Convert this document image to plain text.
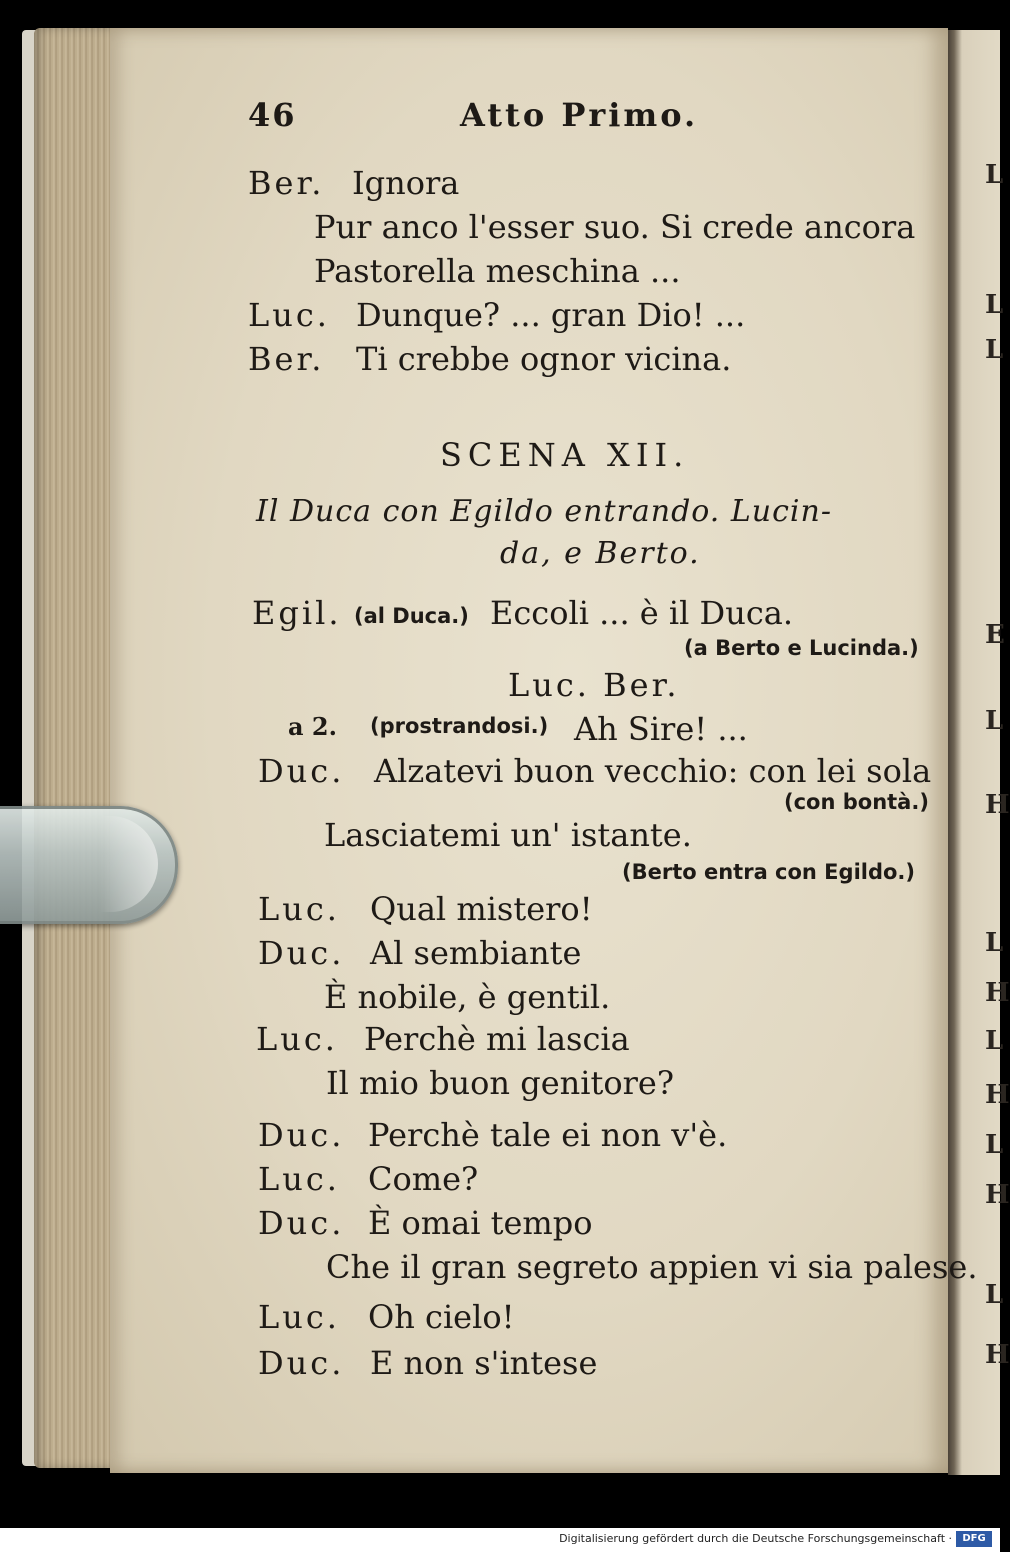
L
L
L
E
L
H
L
H
L
H
L
H
L
H
46	Atto Primo.
Ber. Ignora
Pur anco l'esser suo. Si crede ancora
Pastorella meschina ...
Luc. Dunque? ... gran Dio! ...
Ber. Ti crebbe ognor vicina.
SCENA XII.
Il Duca con Egildo entrando. Lucin-
da, e Berto.
Egil. (al Duca.) Eccoli ... è il Duca.
(a Berto e Lucinda.)
Luc. Ber.
a 2. (prostrandosi.) Ah Sire! ...
Duc. Alzatevi buon vecchio: con lei sola
(con bontà.)
Lasciatemi un' istante.
(Berto entra con Egildo.)
Luc. Qual mistero!
Duc. Al sembiante
È nobile, è gentil.
Luc. Perchè mi lascia
Il mio buon genitore?
Duc. Perchè tale ei non v'è.
Luc. Come?
Duc. È omai tempo
Che il gran segreto appien vi sia palese.
Luc. Oh cielo!
Duc. E non s'intese
Digitalisierung gefördert durch die Deutsche Forschungsgemeinschaft ·	DFG
